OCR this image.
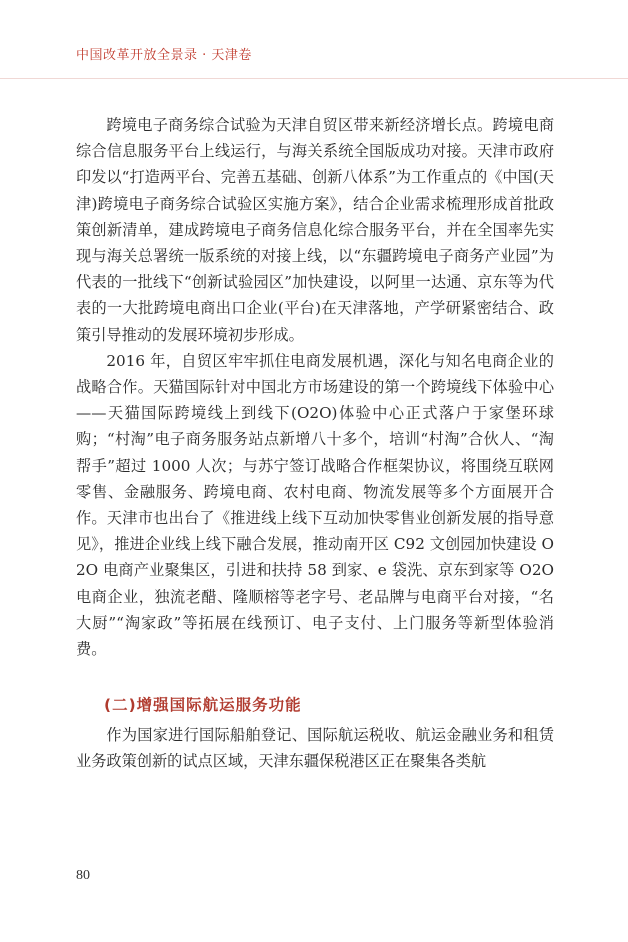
中国改革开放全景录 · 天津卷

跨境电子商务综合试验为天津自贸区带来新经济增长点。跨境电商综合信息服务平台上线运行，与海关系统全国版成功对接。天津市政府印发以“打造两平台、完善五基础、创新八体系”为工作重点的《中国(天津)跨境电子商务综合试验区实施方案》，结合企业需求梳理形成首批政策创新清单，建成跨境电子商务信息化综合服务平台，并在全国率先实现与海关总署统一版系统的对接上线，以“东疆跨境电子商务产业园”为代表的一批线下“创新试验园区”加快建设，以阿里一达通、京东等为代表的一大批跨境电商出口企业(平台)在天津落地，产学研紧密结合、政策引导推动的发展环境初步形成。

2016 年，自贸区牢牢抓住电商发展机遇，深化与知名电商企业的战略合作。天猫国际针对中国北方市场建设的第一个跨境线下体验中心——天猫国际跨境线上到线下(O2O)体验中心正式落户于家堡环球购；“村淘”电子商务服务站点新增八十多个，培训“村淘”合伙人、“淘帮手”超过 1000 人次；与苏宁签订战略合作框架协议，将围绕互联网零售、金融服务、跨境电商、农村电商、物流发展等多个方面展开合作。天津市也出台了《推进线上线下互动加快零售业创新发展的指导意见》，推进企业线上线下融合发展，推动南开区 C92 文创园加快建设 O2O 电商产业聚集区，引进和扶持 58 到家、e 袋洗、京东到家等 O2O 电商企业，独流老醋、隆顺榕等老字号、老品牌与电商平台对接，“名大厨”“淘家政”等拓展在线预订、电子支付、上门服务等新型体验消费。

(二)增强国际航运服务功能

作为国家进行国际船舶登记、国际航运税收、航运金融业务和租赁业务政策创新的试点区域，天津东疆保税港区正在聚集各类航

80
